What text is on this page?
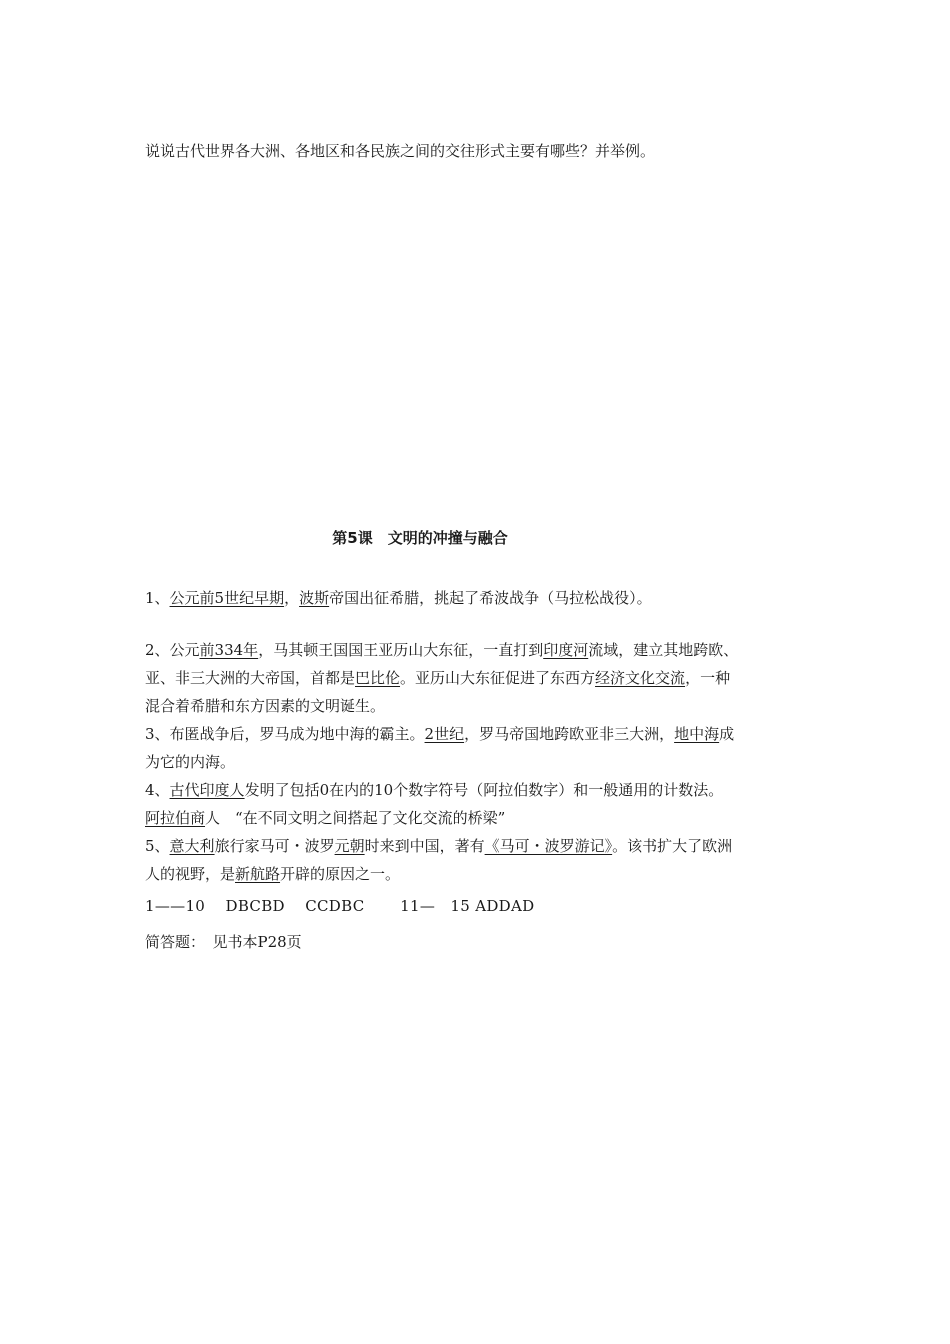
说说古代世界各大洲、各地区和各民族之间的交往形式主要有哪些？并举例。
第5课　文明的冲撞与融合
1、公元前5世纪早期，波斯帝国出征希腊，挑起了希波战争（马拉松战役）。
2、公元前334年，马其顿王国国王亚历山大东征，一直打到印度河流域，建立其地跨欧、
亚、非三大洲的大帝国，首都是巴比伦。亚历山大东征促进了东西方经济文化交流，一种
混合着希腊和东方因素的文明诞生。
3、布匿战争后，罗马成为地中海的霸主。2世纪，罗马帝国地跨欧亚非三大洲，地中海成
为它的内海。
4、古代印度人发明了包括0在内的10个数字符号（阿拉伯数字）和一般通用的计数法。
阿拉伯商人　“在不同文明之间搭起了文化交流的桥梁”
5、意大利旅行家马可・波罗元朝时来到中国，著有《马可・波罗游记》。该书扩大了欧洲
人的视野，是新航路开辟的原因之一。
1——10　 DBCBD　 CCDBC　　 11—　15 ADDAD
简答题：　见书本P28页
